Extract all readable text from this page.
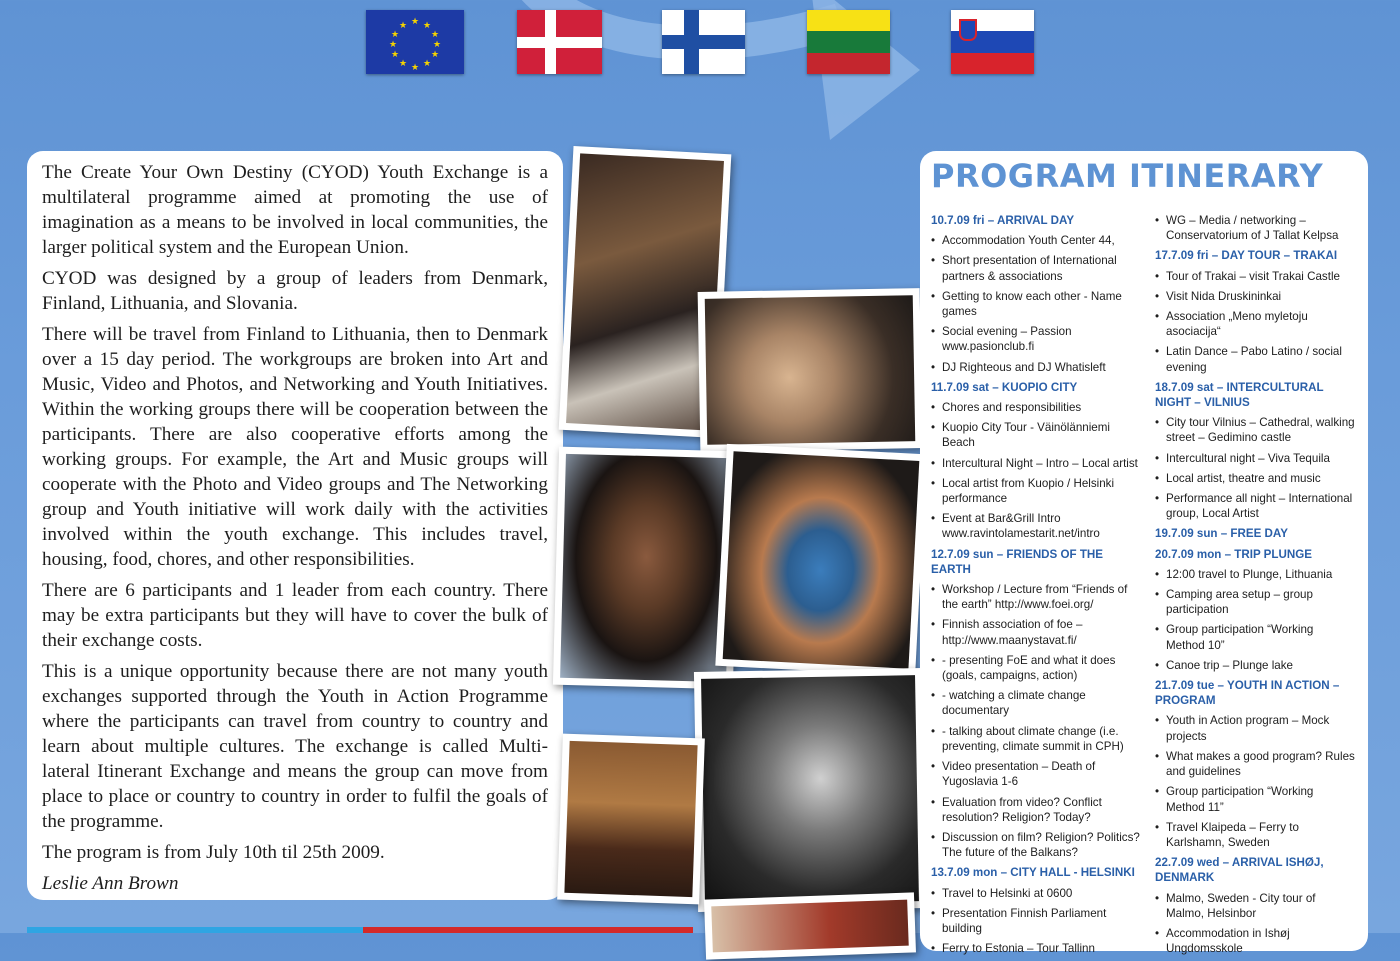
★ ★
★
★
★
★
★
★
★
★
★
★

The Create Your Own Destiny (CYOD) Youth Exchange is a multilateral programme aimed at promoting the use of imagination as a means to be involved in local communities, the larger political system and the European Union.

CYOD was designed by a group of leaders from Denmark, Finland, Lithuania, and Slovania.

There will be travel from Finland to Lithuania, then to Denmark over a 15 day period. The workgroups are broken into Art and Music, Video and Photos, and Networking and Youth Initiatives. Within the working groups there will be cooperation between the participants. There are also cooperative efforts among the working groups. For example, the Art and Music groups will cooperate with the Photo and Video groups and The Networking group and Youth initiative will work daily with the activities involved within the youth exchange. This includes travel, housing, food, chores, and other responsibilities.

There are 6 participants and 1 leader from each country. There may be extra participants but they will have to cover the bulk of their exchange costs.

This is a unique opportunity because there are not many youth exchanges supported through the Youth in Action Programme where the participants can travel from country to country and learn about multiple cultures. The exchange is called Multi-lateral Itinerant Exchange and means the group can move from place to place or country to country in order to fulfil the goals of the programme.

The program is from July 10th til 25th 2009.

Leslie Ann Brown

PROGRAM ITINERARY
10.7.09 fri – ARRIVAL DAY
• Accommodation Youth Center 44,
• Short presentation of International partners & associations
• Getting to know each other - Name games
• Social evening – Passion www.pasionclub.fi
• DJ Righteous and DJ Whatisleft
11.7.09 sat – KUOPIO CITY
• Chores and responsibilities
• Kuopio City Tour - Väinölänniemi Beach
• Intercultural Night – Intro – Local artist
• Local artist from Kuopio / Helsinki performance
• Event at Bar&Grill Intro www.ravintolamestarit.net/intro
12.7.09 sun – FRIENDS OF THE EARTH
• Workshop / Lecture from “Friends of the earth” http://www.foei.org/
• Finnish association of foe – http://www.maanystavat.fi/
• - presenting FoE and what it does (goals, campaigns, action)
• - watching a climate change documentary
• - talking about climate change (i.e. preventing, climate summit in CPH)
• Video presentation – Death of Yugoslavia 1-6
• Evaluation from video? Conflict resolution? Religion? Today?
• Discussion on film? Religion? Politics? The future of the Balkans?
13.7.09 mon – CITY HALL - HELSINKI
• Travel to Helsinki at 0600
• Presentation Finnish Parliament building
• Ferry to Estonia – Tour Tallinn
• WG – Media / networking – Conservatorium of J Tallat Kelpsa
17.7.09 fri – DAY TOUR – TRAKAI
• Tour of Trakai – visit Trakai Castle
• Visit Nida Druskininkai
• Association „Meno myletoju asociacija“
• Latin Dance – Pabo Latino / social evening
18.7.09 sat – INTERCULTURAL NIGHT – VILNIUS
• City tour Vilnius – Cathedral, walking street – Gedimino castle
• Intercultural night – Viva Tequila
• Local artist, theatre and music
• Performance all night – International group, Local Artist
19.7.09 sun – FREE DAY
20.7.09 mon – TRIP PLUNGE
• 12:00 travel to Plunge, Lithuania
• Camping area setup – group participation
• Group participation “Working Method 10”
• Canoe trip – Plunge lake
21.7.09 tue – YOUTH IN ACTION – PROGRAM
• Youth in Action program – Mock projects
• What makes a good program? Rules and guidelines
• Group participation “Working Method 11”
• Travel Klaipeda – Ferry to Karlshamn, Sweden
22.7.09 wed – ARRIVAL ISHØJ, DENMARK
• Malmo, Sweden - City tour of Malmo, Helsinbor
• Accommodation in Ishøj Ungdomsskole
